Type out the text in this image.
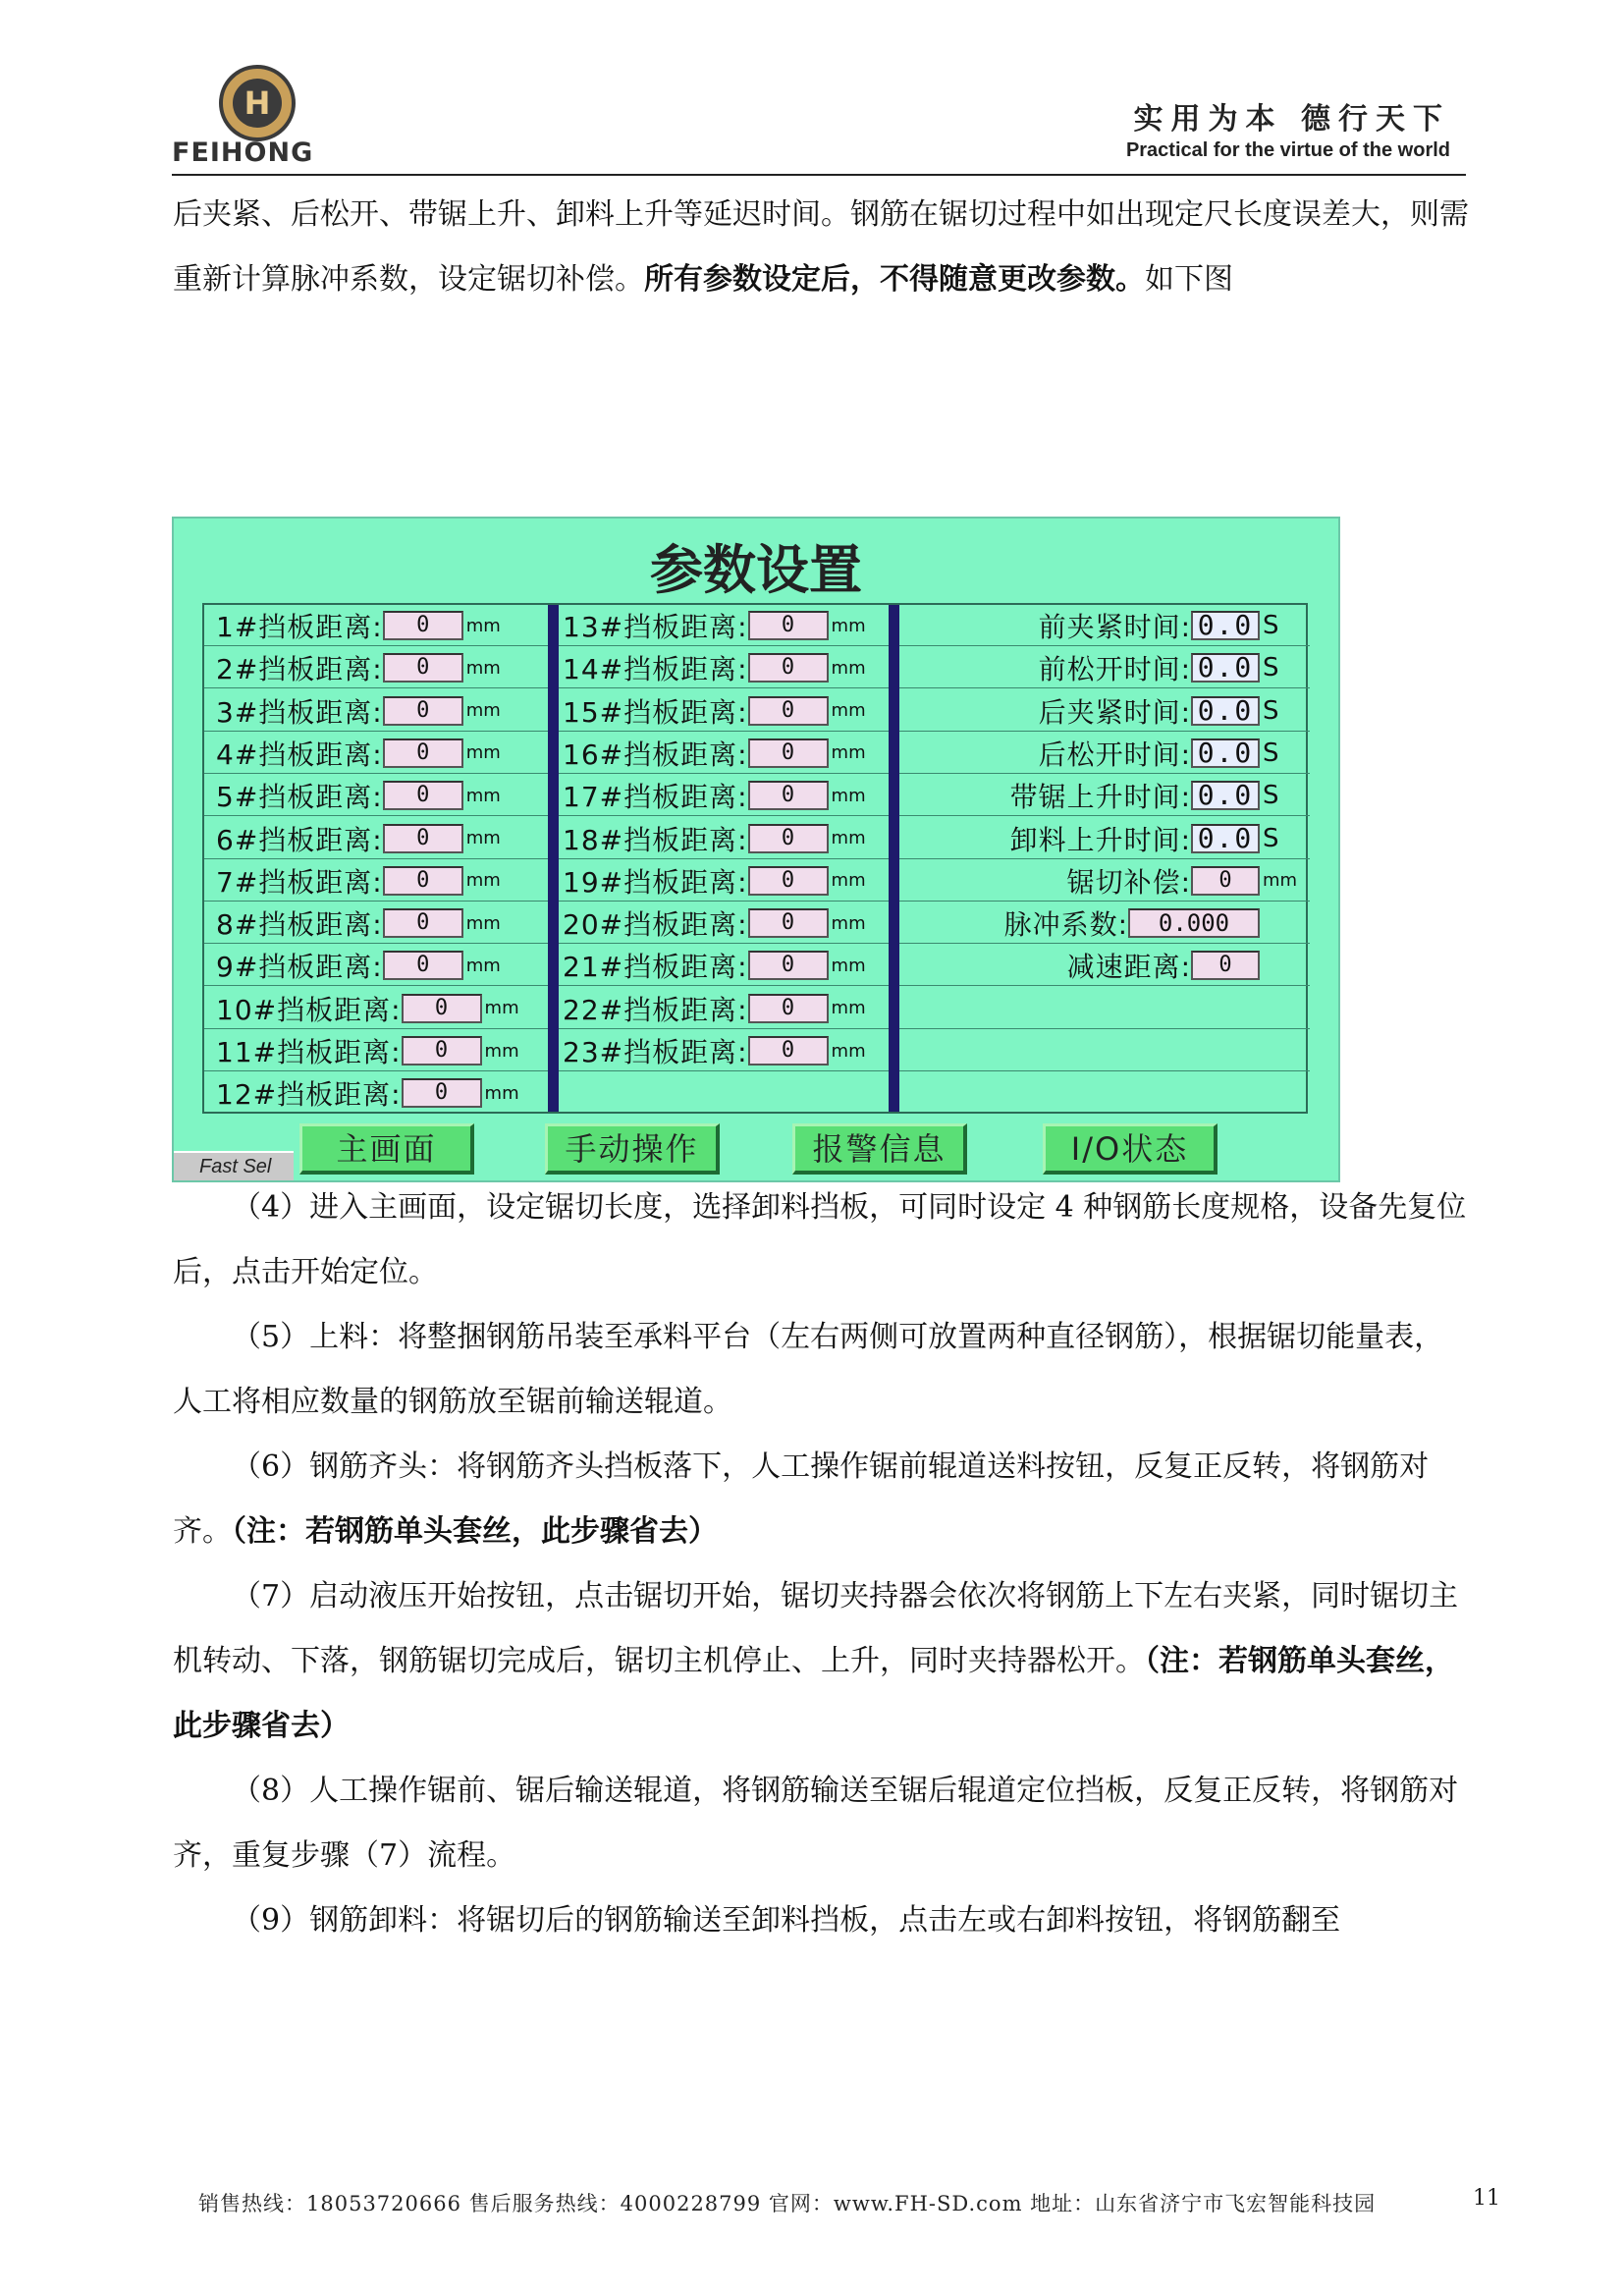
H
FEIHONG
实用为本 德行天下
Practical for the virtue of the world
后夹紧、后松开、带锯上升、卸料上升等延迟时间。钢筋在锯切过程中如出现定尺长度误差大，则需重新计算脉冲系数，设定锯切补偿。所有参数设定后，不得随意更改参数。如下图
参数设置
1#挡板距离:	0	mm 13#挡板距离:	0	mm	前夹紧时间: 0.0 S
2#挡板距离:	0	mm 14#挡板距离:	0	mm	前松开时间: 0.0 S
3#挡板距离:	0	mm 15#挡板距离:	0	mm	后夹紧时间: 0.0 S
4#挡板距离:	0	mm 16#挡板距离:	0	mm	后松开时间: 0.0 S
5#挡板距离:	0	mm 17#挡板距离:	0	mm	带锯上升时间: 0.0 S
6#挡板距离:	0	mm 18#挡板距离:	0	mm	卸料上升时间: 0.0 S
7#挡板距离:	0	mm 19#挡板距离:	0	mm	锯切补偿:	0	mm
8#挡板距离:	0	mm 20#挡板距离:	0	mm	脉冲系数:	0.000
9#挡板距离:	0	mm 21#挡板距离:	0	mm	减速距离:	0
10#挡板距离:	0	mm 22#挡板距离:	0	mm
11#挡板距离:	0	mm 23#挡板距离:	0	mm
12#挡板距离:	0	mm
主画面	手动操作	报警信息	I/O状态
Fast Sel
（4）进入主画面，设定锯切长度，选择卸料挡板，可同时设定 4 种钢筋长度规格，设备先复位后，点击开始定位。
（5）上料：将整捆钢筋吊装至承料平台（左右两侧可放置两种直径钢筋），根据锯切能量表，人工将相应数量的钢筋放至锯前输送辊道。
（6）钢筋齐头：将钢筋齐头挡板落下，人工操作锯前辊道送料按钮，反复正反转，将钢筋对齐。（注：若钢筋单头套丝，此步骤省去）
（7）启动液压开始按钮，点击锯切开始，锯切夹持器会依次将钢筋上下左右夹紧，同时锯切主机转动、下落，钢筋锯切完成后，锯切主机停止、上升，同时夹持器松开。（注：若钢筋单头套丝，此步骤省去）
（8）人工操作锯前、锯后输送辊道，将钢筋输送至锯后辊道定位挡板，反复正反转，将钢筋对齐，重复步骤（7）流程。
（9）钢筋卸料：将锯切后的钢筋输送至卸料挡板，点击左或右卸料按钮，将钢筋翻至
销售热线：18053720666 售后服务热线：4000228799 官网：www.FH-SD.com 地址：山东省济宁市飞宏智能科技园	11
